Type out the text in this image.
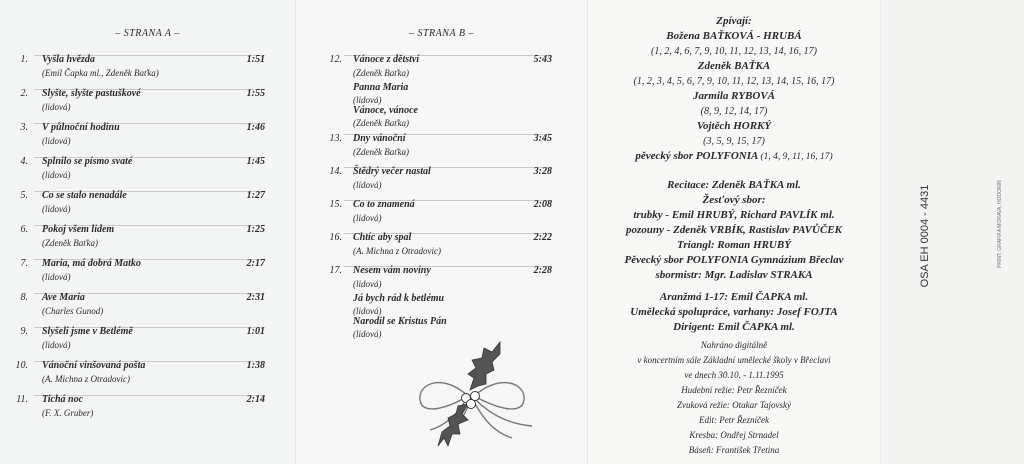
– STRANA A –
1. Vyšla hvězda	1:51
(Emil Čapka ml., Zdeněk Baťka)
2. Slyšte, slyšte pastuškové	1:55
(lidová)
3. V půlnoční hodinu	1:46
(lidová)
4. Splnilo se písmo svaté	1:45
(lidová)
5. Co se stalo nenadále	1:27
(lidová)
6. Pokoj všem lidem	1:25
(Zdeněk Baťka)
7. Maria, má dobrá Matko	2:17
(lidová)
8. Ave Maria	2:31
(Charles Gunod)
9. Slyšeli jsme v Betlémě	1:01
(lidová)
10. Vánoční vinšovaná pošta	1:38
(A. Michna z Otradovic)
11. Tichá noc	2:14
(F. X. Gruber)
– STRANA B –
12. Vánoce z dětství	5:43
(Zdeněk Baťka)
Panna Maria
(lidová)
Vánoce, vánoce
(Zdeněk Baťka)
13. Dny vánoční	3:45
(Zdeněk Baťka)
14. Štědrý večer nastal	3:28
(lidová)
15. Co to znamená	2:08
(lidová)
16. Chtíc aby spal	2:22
(A. Michna z Otradovic)
17. Nesem vám noviny	2:28
(lidová)
Já bych rád k betlému
(lidová)
Narodil se Kristus Pán
(lidová)

Zpívají:

Božena BAŤKOVÁ - HRUBÁ

(1, 2, 4, 6, 7, 9, 10, 11, 12, 13, 14, 16, 17)

Zdeněk BAŤKA

(1, 2, 3, 4, 5, 6, 7, 9, 10, 11, 12, 13, 14, 15, 16, 17)

Jarmila RYBOVÁ

(8, 9, 12, 14, 17)

Vojtěch HORKÝ

(3, 5, 9, 15, 17)

pěvecký sbor POLYFONIA (1, 4, 9, 11, 16, 17)

Recitace: Zdeněk BAŤKA ml.

Žesťový sbor:

trubky - Emil HRUBÝ, Richard PAVLÍK ml.

pozouny - Zdeněk VRBÍK, Rastislav PAVŮČEK

Triangl: Roman HRUBÝ

Pěvecký sbor POLYFONIA Gymnázium Břeclav

sbormistr: Mgr. Ladislav STRAKA

Aranžmá 1-17: Emil ČAPKA ml.

Umělecká spolupráce, varhany: Josef FOJTA

Dirigent: Emil ČAPKA ml.

Nahráno digitálně

v koncertním sále Základní umělecké školy v Břeclavi

ve dnech 30.10. - 1.11.1995

Hudební režie: Petr Řezníček

Zvuková režie: Otakar Tajovský

Edit: Petr Řezníček

Kresba: Ondřej Strnadel

Báseň: František Třetina

OSA EH 0004 - 4431	PRINT: GRAFIKA MORAVA, HODONÍN
